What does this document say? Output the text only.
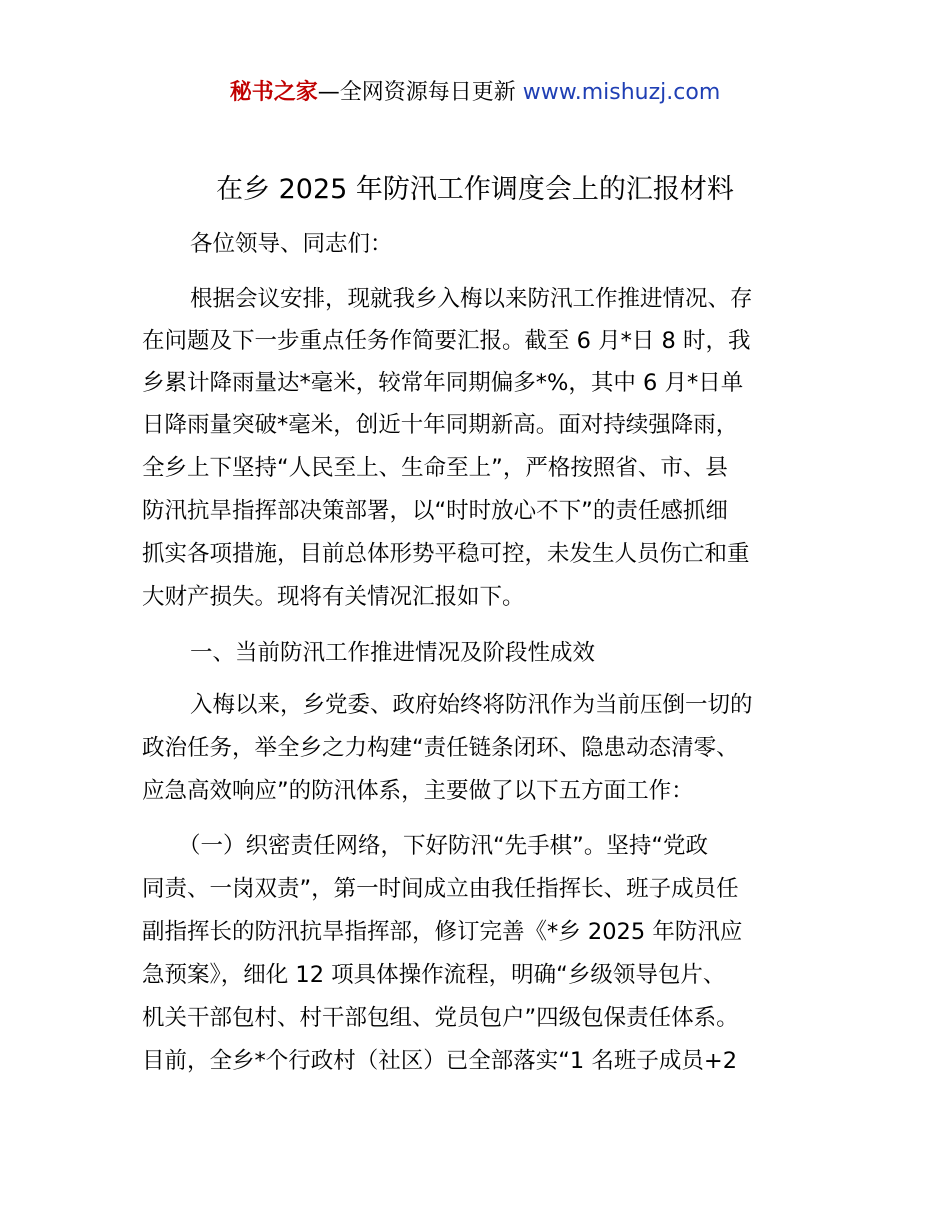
秘书之家—全网资源每日更新 www.mishuzj.com
在乡 2025 年防汛工作调度会上的汇报材料
各位领导、同志们：
根据会议安排，现就我乡入梅以来防汛工作推进情况、存
在问题及下一步重点任务作简要汇报。截至 6 月*日 8 时，我
乡累计降雨量达*毫米，较常年同期偏多*%，其中 6 月*日单
日降雨量突破*毫米，创近十年同期新高。面对持续强降雨，
全乡上下坚持“人民至上、生命至上”，严格按照省、市、县
防汛抗旱指挥部决策部署，以“时时放心不下”的责任感抓细
抓实各项措施，目前总体形势平稳可控，未发生人员伤亡和重
大财产损失。现将有关情况汇报如下。
一、当前防汛工作推进情况及阶段性成效
入梅以来，乡党委、政府始终将防汛作为当前压倒一切的
政治任务，举全乡之力构建“责任链条闭环、隐患动态清零、
应急高效响应”的防汛体系，主要做了以下五方面工作：
（一）织密责任网络，下好防汛“先手棋”。坚持“党政
同责、一岗双责”，第一时间成立由我任指挥长、班子成员任
副指挥长的防汛抗旱指挥部，修订完善《*乡 2025 年防汛应
急预案》，细化 12 项具体操作流程，明确“乡级领导包片、
机关干部包村、村干部包组、党员包户”四级包保责任体系。
目前，全乡*个行政村（社区）已全部落实“1 名班子成员+2
